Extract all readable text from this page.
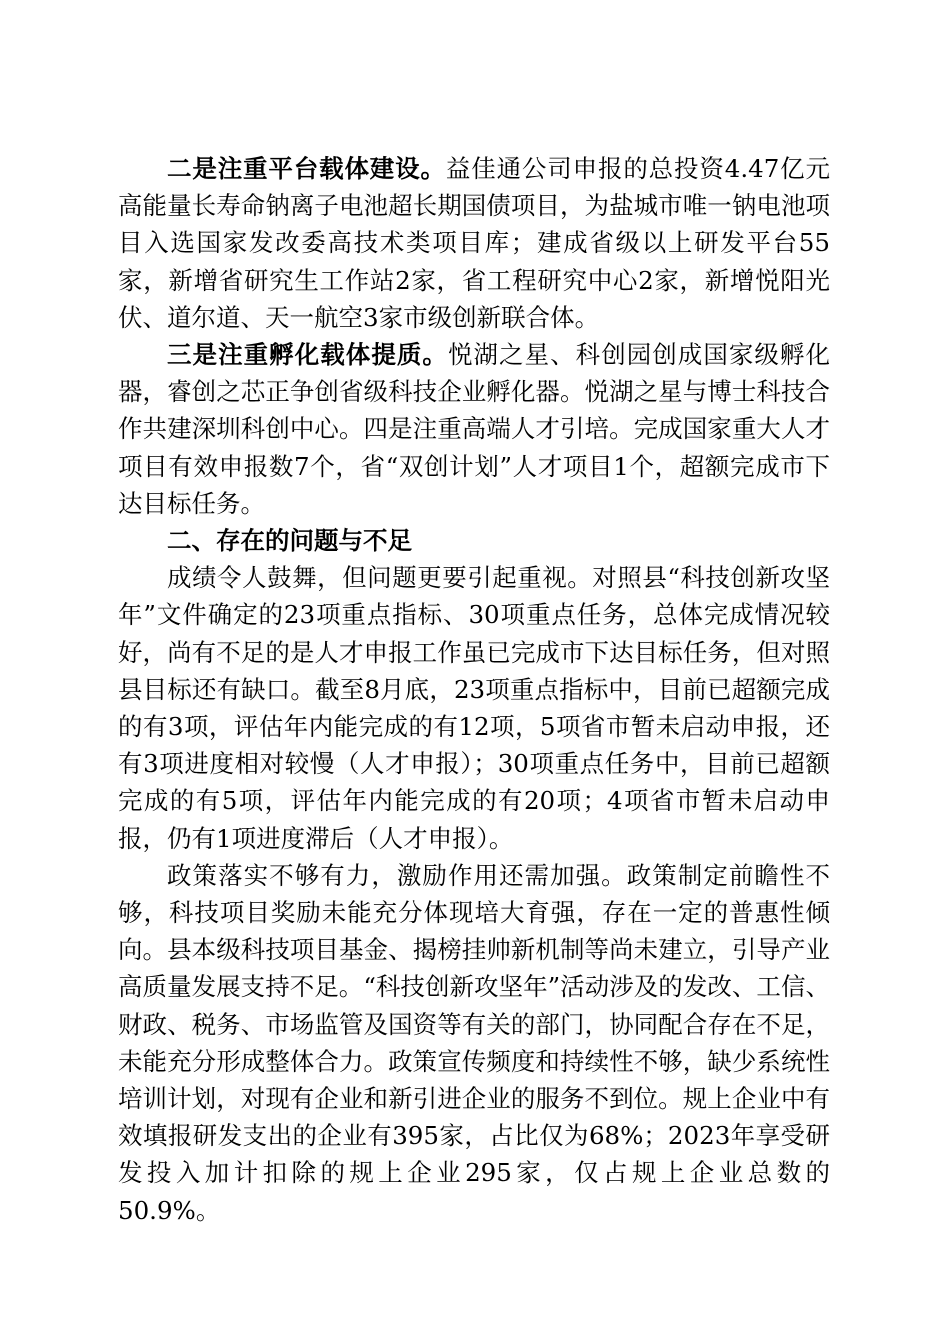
二是注重平台载体建设。益佳通公司申报的总投资4.47亿元高能量长寿命钠离子电池超长期国债项目，为盐城市唯一钠电池项目入选国家发改委高技术类项目库；建成省级以上研发平台55家，新增省研究生工作站2家，省工程研究中心2家，新增悦阳光伏、道尔道、天一航空3家市级创新联合体。

三是注重孵化载体提质。悦湖之星、科创园创成国家级孵化器，睿创之芯正争创省级科技企业孵化器。悦湖之星与博士科技合作共建深圳科创中心。四是注重高端人才引培。完成国家重大人才项目有效申报数7个，省“双创计划”人才项目1个，超额完成市下达目标任务。

二、存在的问题与不足

成绩令人鼓舞，但问题更要引起重视。对照县“科技创新攻坚年”文件确定的23项重点指标、30项重点任务，总体完成情况较好，尚有不足的是人才申报工作虽已完成市下达目标任务，但对照县目标还有缺口。截至8月底，23项重点指标中，目前已超额完成的有3项，评估年内能完成的有12项，5项省市暂未启动申报，还有3项进度相对较慢（人才申报）；30项重点任务中，目前已超额完成的有5项，评估年内能完成的有20项；4项省市暂未启动申报，仍有1项进度滞后（人才申报）。

政策落实不够有力，激励作用还需加强。政策制定前瞻性不够，科技项目奖励未能充分体现培大育强，存在一定的普惠性倾向。县本级科技项目基金、揭榜挂帅新机制等尚未建立，引导产业高质量发展支持不足。“科技创新攻坚年”活动涉及的发改、工信、财政、税务、市场监管及国资等有关的部门，协同配合存在不足，未能充分形成整体合力。政策宣传频度和持续性不够，缺少系统性培训计划，对现有企业和新引进企业的服务不到位。规上企业中有效填报研发支出的企业有395家，占比仅为68%；2023年享受研发投入加计扣除的规上企业295家，仅占规上企业总数的50.9%。
